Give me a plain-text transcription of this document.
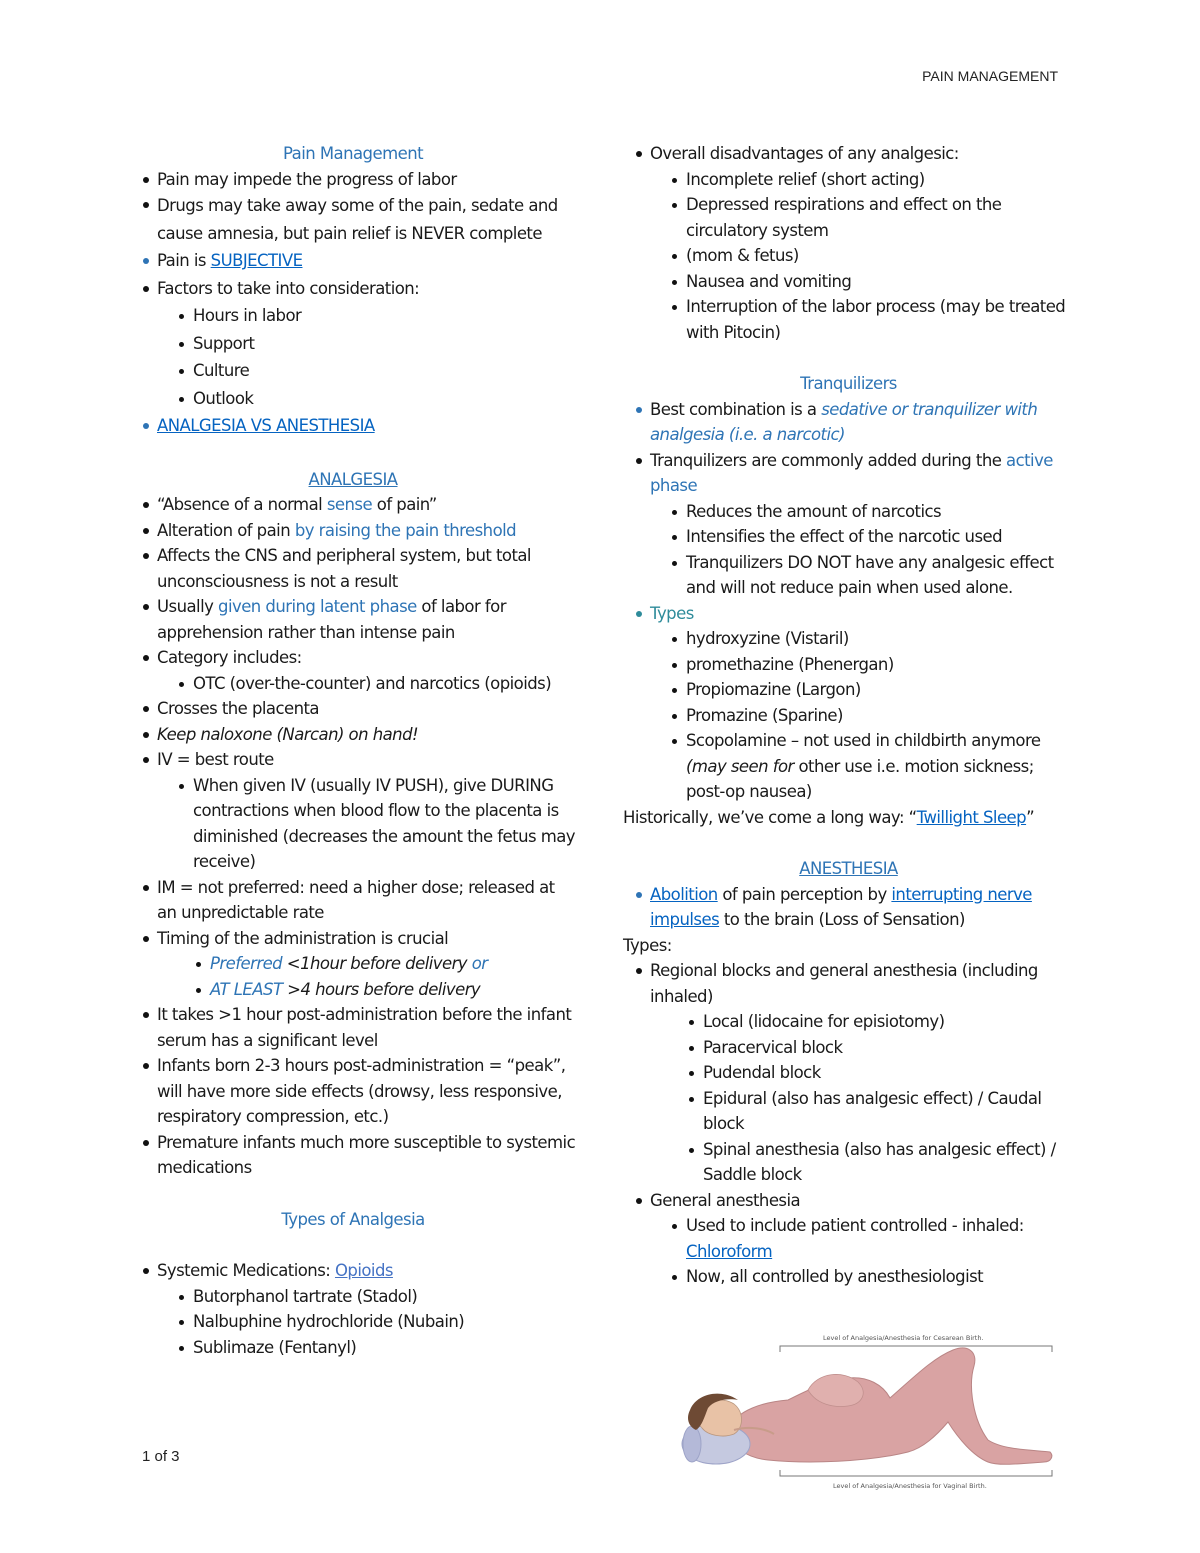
PAIN MANAGEMENT
Pain Management
Pain may impede the progress of labor
Drugs may take away some of the pain, sedate and cause amnesia, but pain relief is NEVER complete
Pain is SUBJECTIVE
Factors to take into consideration:
Hours in labor
Support
Culture
Outlook
ANALGESIA VS ANESTHESIA
ANALGESIA
“Absence of a normal sense of pain”
Alteration of pain by raising the pain threshold
Affects the CNS and peripheral system, but total unconsciousness is not a result
Usually given during latent phase of labor for apprehension rather than intense pain
Category includes:
OTC (over-the-counter) and narcotics (opioids)
Crosses the placenta
Keep naloxone (Narcan) on hand!
IV = best route
When given IV (usually IV PUSH), give DURING contractions when blood flow to the placenta is diminished (decreases the amount the fetus may receive)
IM = not preferred: need a higher dose; released at an unpredictable rate
Timing of the administration is crucial
Preferred <1hour before delivery or
AT LEAST >4 hours before delivery
It takes >1 hour post-administration before the infant serum has a significant level
Infants born 2-3 hours post-administration = “peak”, will have more side effects (drowsy, less responsive, respiratory compression, etc.)
Premature infants much more susceptible to systemic medications
Types of Analgesia
Systemic Medications: Opioids
Butorphanol tartrate (Stadol)
Nalbuphine hydrochloride (Nubain)
Sublimaze (Fentanyl)
Overall disadvantages of any analgesic:
Incomplete relief (short acting)
Depressed respirations and effect on the circulatory system
(mom & fetus)
Nausea and vomiting
Interruption of the labor process (may be treated with Pitocin)
Tranquilizers
Best combination is a sedative or tranquilizer with analgesia (i.e. a narcotic)
Tranquilizers are commonly added during the active phase
Reduces the amount of narcotics
Intensifies the effect of the narcotic used
Tranquilizers DO NOT have any analgesic effect and will not reduce pain when used alone.
Types
hydroxyzine (Vistaril)
promethazine (Phenergan)
Propiomazine (Largon)
Promazine (Sparine)
Scopolamine – not used in childbirth anymore (may seen for other use i.e. motion sickness; post-op nausea)
Historically, we’ve come a long way: “Twillight Sleep”
ANESTHESIA
Abolition of pain perception by interrupting nerve impulses to the brain (Loss of Sensation)
Types:
Regional blocks and general anesthesia (including inhaled)
Local (lidocaine for episiotomy)
Paracervical block
Pudendal block
Epidural (also has analgesic effect) / Caudal block
Spinal anesthesia (also has analgesic effect) / Saddle block
General anesthesia
Used to include patient controlled - inhaled: Chloroform
Now, all controlled by anesthesiologist
Level of Analgesia/Anesthesia for Cesarean Birth.
Level of Analgesia/Anesthesia for Vaginal Birth.
1 of 3
